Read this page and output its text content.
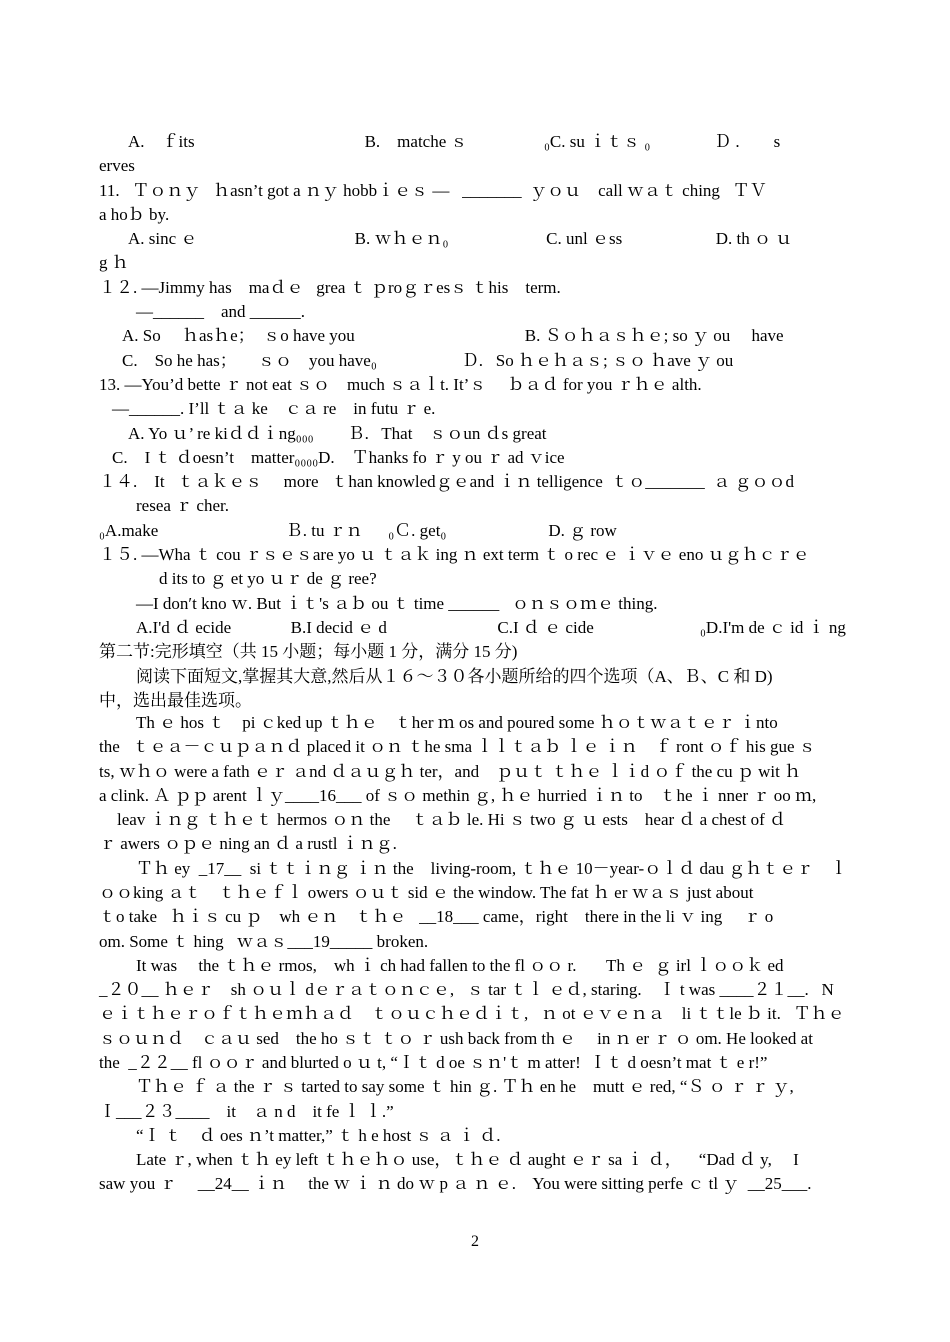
A.    ｆits                                        B.    matche ｓ                  ₀C. su ｉｔｓ ₀               Ｄ .        s
erves
11.   Ｔｏｎｙ   ｈasn’t got a ｎｙ hobbｉｅｓ ―   _______  ｙｏｕ    call ｗａｔ ching   ＴＶ
a hoｂ by.
A. sinc ｅ                                     B. ｗｈｅｎ₀                       C. unl ｅss                      D. th ｏ ｕ
g ｈ
１２. —Jimmy has    maｄｅ   grea ｔ ｐroｇｒesｓ ｔhis    term.
―______    and ______.
A. So     ｈasｈe；  ｓo have you                                        B. Ｓｏｈａｓｈｅ; so ｙ ou     have
C.    So he has；     ｓｏ    you have₀                    Ｄ.   So ｈｅｈａｓ; ｓｏ ｈave ｙ ou
13. —You’d bette ｒ not eat ｓｏ    much ｓａｌt. It’ｓ     ｂａｄ for you ｒｈｅ alth.
—______. I’ll ｔａ ke    ｃａ re    in futu ｒ e.
A. Yo ｕ’ re kiｄｄｉng₀₀₀        Ｂ.   That    ｓｏun ｄs great
C.    I ｔ ｄoesn’t    matter₀₀₀₀D.    Ｔhanks fo ｒ y ou ｒ ad ｖice
１４.    It   ｔａｋｅｓ     more   ｔhan knowledｇｅand ｉｎ telligence  ｔｏ_______  ａ ｇｏｏd
resea ｒ cher.
₀A.make                              Ｂ. tu ｒｎ      ₀Ｃ. get₀                        D. ｇ row
１５. —Wha ｔ cou ｒｓｅｓare yo ｕ ｔａｋ ing ｎ ext term ｔ o rec ｅ ｉｖｅ eno ｕｇｈｃｒｅ
d its to ｇ et yo ｕｒ de ｇ ree?
—I don′t kno ｗ. But ｉｔ's ａｂ ou ｔ time ______   ｏｎｓｏｍｅ thing.
A.I'd ｄ ecide              B.I decid ｅ d                          C.I ｄ ｅ cide                         ₀D.I'm de ｃ id ｉ ng
第二节:完形填空（共 15 小题；每小题 1 分，满分 15 分)
阅读下面短文,掌握其大意,然后从１６～３０各小题所给的四个选项（A、Ｂ、C 和 D)
中，选出最佳选项。
Th ｅ hos ｔ    pi ｃked up ｔｈｅ    ｔher ｍ os and poured some ｈｏｔｗａｔｅｒ ｉnto
the   ｔｅａ－ｃｕｐａｎｄ placed it ｏｎ ｔhe sma ｌｌｔａｂ ｌｅ ｉｎ    ｆ ront ｏｆ his gue ｓ
ts, ｗｈｏ were a fath ｅｒ ａnd ｄａｕｇｈ ter，and    ｐｕｔ ｔｈｅ ｌｉd ｏｆ the cu ｐ wit ｈ
a clink. Ａ ｐｐ arent ｌｙ____16___ of ｓｏ methin ｇ, ｈｅ hurried ｉｎ to    ｔhe ｉ nner ｒ oo ｍ,
leav ｉｎｇ ｔｈｅｔ hermos ｏｎ the     ｔａｂ le. Hi ｓ two ｇ ｕ ests    hear ｄ a chest of ｄ
ｒ awers ｏｐｅ ning an ｄ a rustl ｉｎｇ.
Ｔｈ ey  _17__  si ｔｔｉｎｇ ｉｎ the    living-room, ｔｈｅ 10－year-ｏｌｄ dau ｇｈｔｅｒ    ｌ
ｏｏking ａｔ    ｔｈｅｆｌ owers ｏｕｔ sid ｅ the window. The fat ｈ er ｗａｓ just about
ｔo take   ｈｉｓ cu ｐ    wh ｅｎ    ｔｈｅ   __18___ came，right    there in the li ｖ ing     ｒ o
om. Some ｔ hing   ｗａｓ___19_____ broken.
It was     the ｔｈｅ rmos,    wh ｉ ch had fallen to the fl ｏｏ r.       Th ｅ  ｇ irl ｌｏｏｋ ed
_２０__ ｈｅｒ    sh ｏｕｌ dｅｒａｔｏｎｃｅ,   ｓ tar ｔｌ ｅｄ, staring.    Ｉ t was ____２１__.   N
ｅｉｔｈｅｒｏｆｔｈｅｍｈａｄ    ｔｏｕｃｈｅｄｉｔ,   ｎ ot ｅｖｅｎａ    li ｔｔle ｂ it.   Ｔｈｅ
ｓｏｕｎｄ    ｃａｕ sed    the ho ｓｔ ｔｏ ｒ ush back from th ｅ     in ｎ er ｒ ｏ om. He looked at
the  _２２__ fl ｏｏｒ and blurted o ｕ t, “Ｉｔ d oe ｓｎ'ｔ m atter!  Ｉｔ d oesn’t mat ｔ e r!”
Ｔｈｅ ｆ ａ the ｒ ｓ tarted to say some ｔ hin ｇ. Ｔｈ en he    mutt ｅ red, “Ｓ ｏ ｒ ｒ ｙ,
Ｉ___２３____    it    ａ n d    it fe ｌ ｌ.”
“Ｉ ｔ    ｄ oes ｎ’t matter,” ｔ h e host ｓ ａ ｉ ｄ.
Late ｒ, when ｔｈ ey left ｔｈｅｈｏ use，ｔｈｅ ｄ aught ｅｒ sa ｉ ｄ，    “Dad ｄ y,     I
saw you ｒ     __24__ ｉｎ     the ｗ ｉ ｎ do ｗ p ａ ｎ ｅ.    You were sitting perfe ｃ tl ｙ  __25___.
2
